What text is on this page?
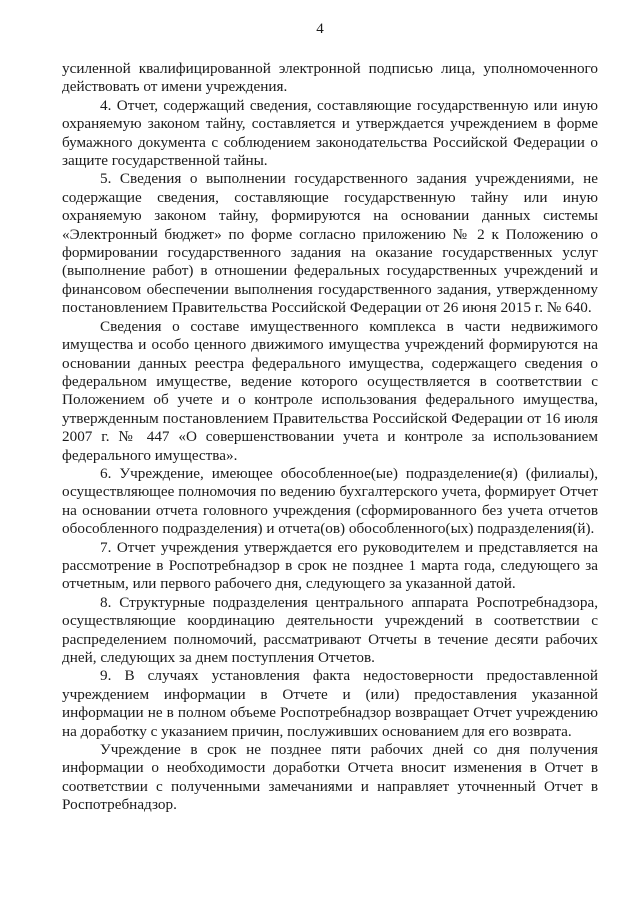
4

усиленной квалифицированной электронной подписью лица, уполномоченного действовать от имени учреждения.

4. Отчет, содержащий сведения, составляющие государственную или иную охраняемую законом тайну, составляется и утверждается учреждением в форме бумажного документа с соблюдением законодательства Российской Федерации о защите государственной тайны.

5. Сведения о выполнении государственного задания учреждениями, не содержащие сведения, составляющие государственную тайну или иную охраняемую законом тайну, формируются на основании данных системы «Электронный бюджет» по форме согласно приложению № 2 к Положению о формировании государственного задания на оказание государственных услуг (выполнение работ) в отношении федеральных государственных учреждений и финансовом обеспечении выполнения государственного задания, утвержденному постановлением Правительства Российской Федерации от 26 июня 2015 г. № 640.

Сведения о составе имущественного комплекса в части недвижимого имущества и особо ценного движимого имущества учреждений формируются на основании данных реестра федерального имущества, содержащего сведения о федеральном имуществе, ведение которого осуществляется в соответствии с Положением об учете и о контроле использования федерального имущества, утвержденным постановлением Правительства Российской Федерации от 16 июля 2007 г. № 447 «О совершенствовании учета и контроле за использованием федерального имущества».

6. Учреждение, имеющее обособленное(ые) подразделение(я) (филиалы), осуществляющее полномочия по ведению бухгалтерского учета, формирует Отчет на основании отчета головного учреждения (сформированного без учета отчетов обособленного подразделения) и отчета(ов) обособленного(ых) подразделения(й).

7. Отчет учреждения утверждается его руководителем и представляется на рассмотрение в Роспотребнадзор в срок не позднее 1 марта года, следующего за отчетным, или первого рабочего дня, следующего за указанной датой.

8. Структурные подразделения центрального аппарата Роспотребнадзора, осуществляющие координацию деятельности учреждений в соответствии с распределением полномочий, рассматривают Отчеты в течение десяти рабочих дней, следующих за днем поступления Отчетов.

9. В случаях установления факта недостоверности предоставленной учреждением информации в Отчете и (или) предоставления указанной информации не в полном объеме Роспотребнадзор возвращает Отчет учреждению на доработку с указанием причин, послуживших основанием для его возврата.

Учреждение в срок не позднее пяти рабочих дней со дня получения информации о необходимости доработки Отчета вносит изменения в Отчет в соответствии с полученными замечаниями и направляет уточненный Отчет в Роспотребнадзор.
